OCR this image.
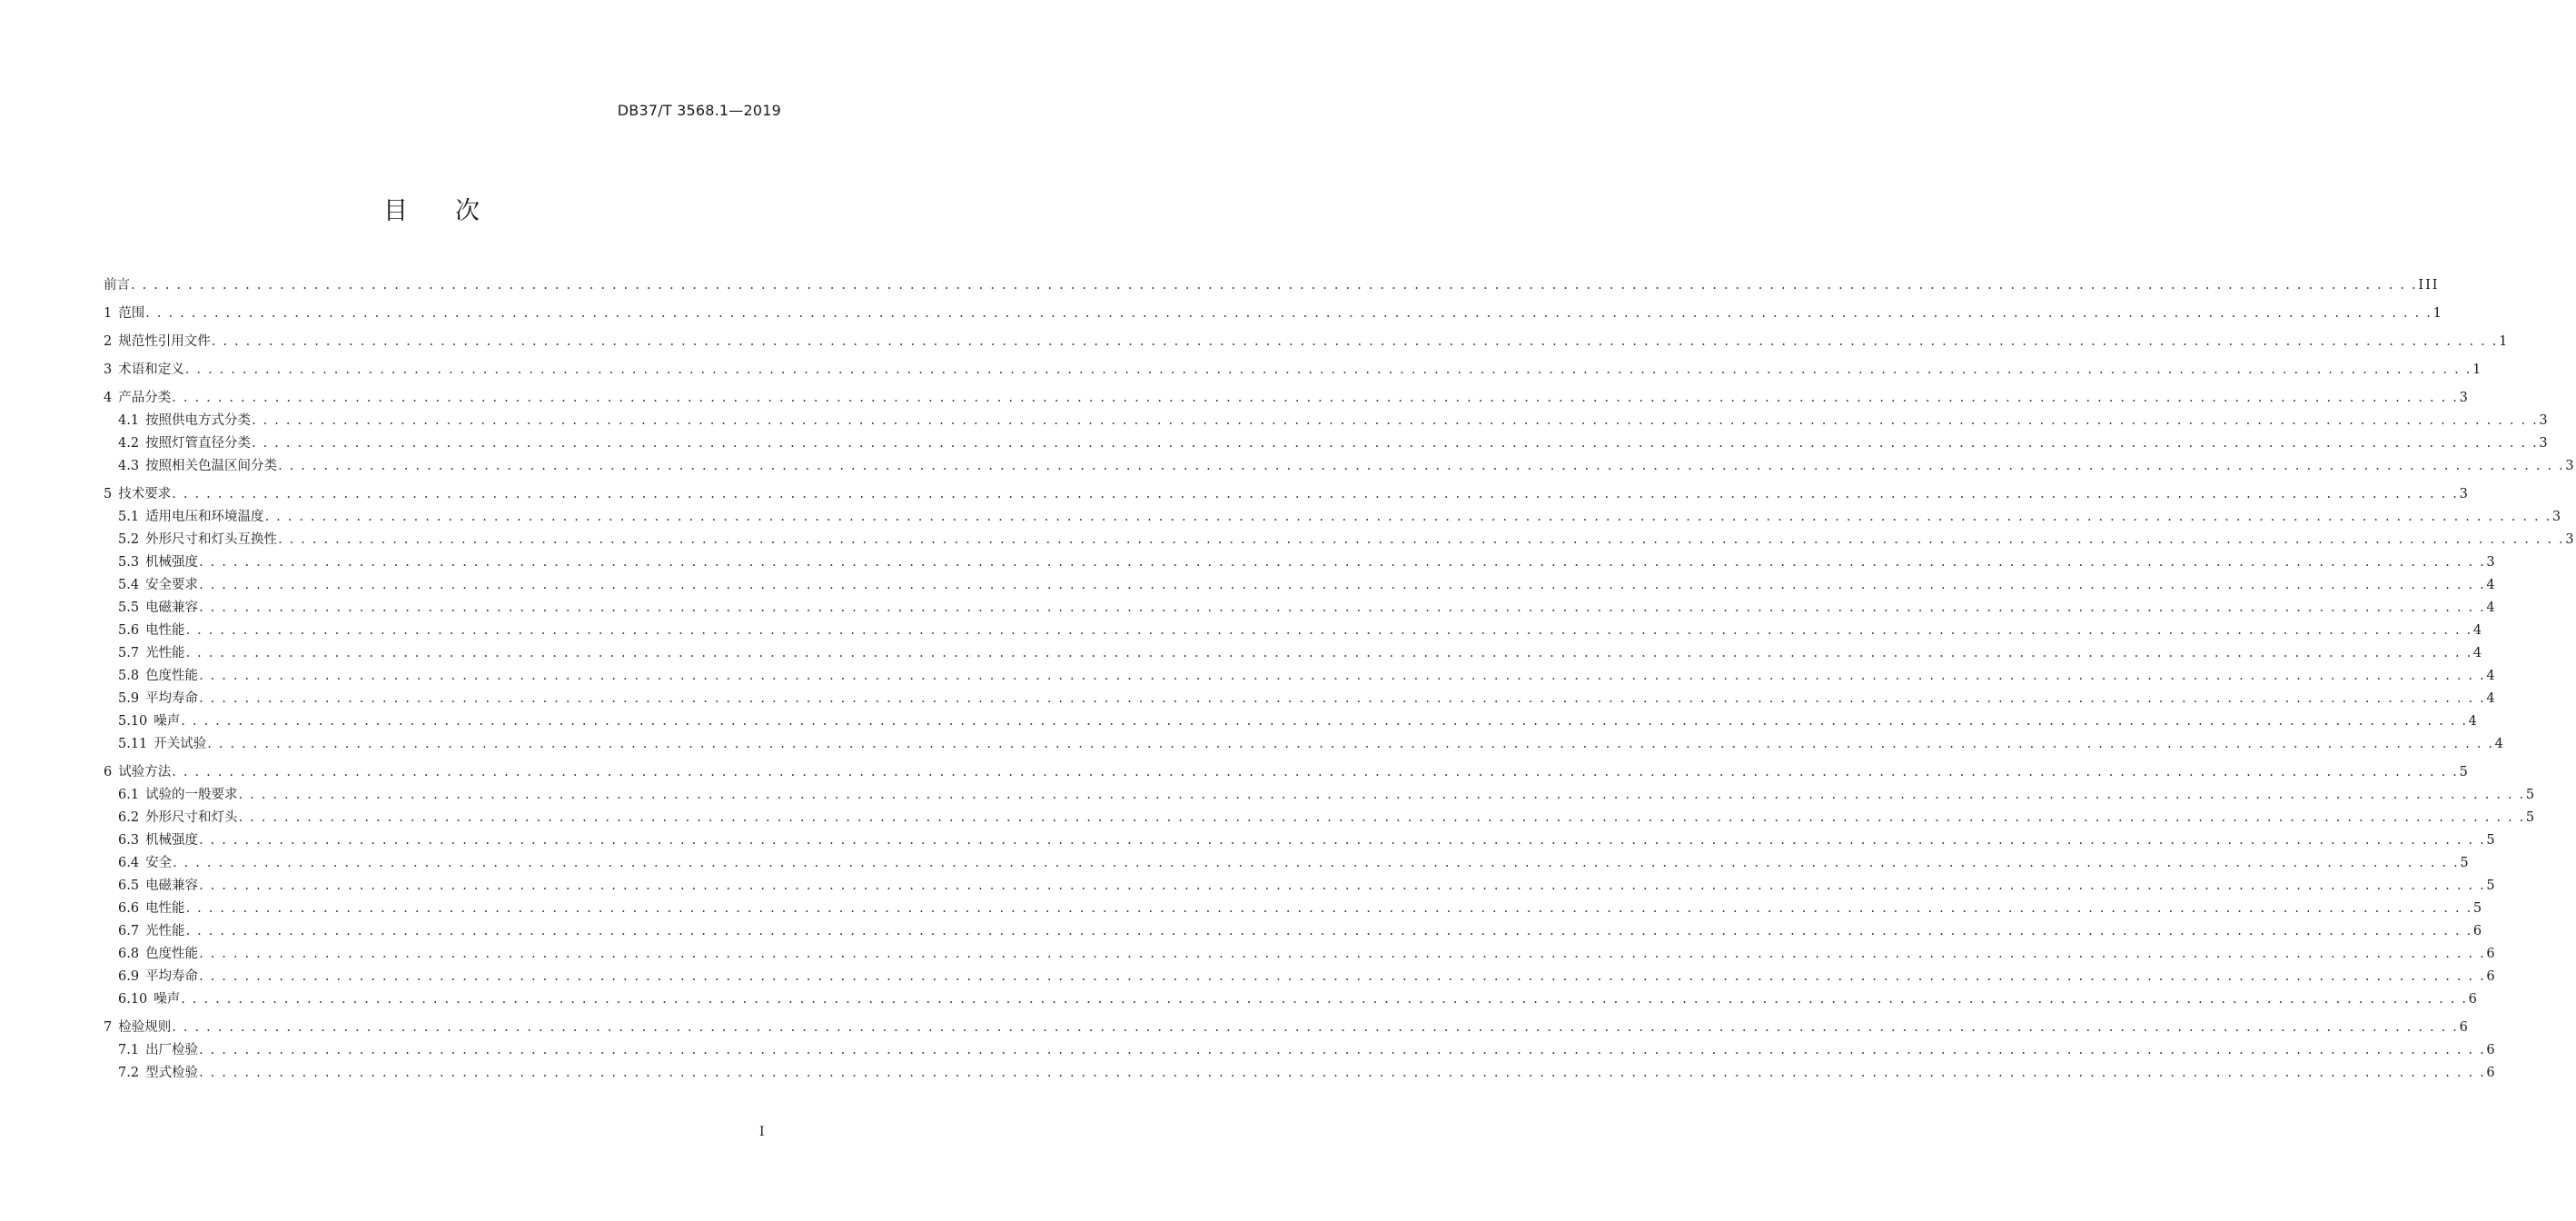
DB37/T 3568.1—2019
目 次
前言 . . . . . . . . . . . . . . . . . . . . . . . . . . . . . . . . . . . . . . . . . . . . . . . . . . . . . . . . . . . . . . . . . . . . . . . . . . . . . . . . . . . . . . . . . . . . . . . . . . . . . . . . . . . . . . . . . . . . . . . . . . . . . . . . . . . . . . . . . . . . . . . . . . . . . . . . . . . . . . . . . . . . . . . . . . . . . . . . . . . . . . . . . . . . . . . . . . . . . . . . III
1 范围 . . . . . . . . . . . . . . . . . . . . . . . . . . . . . . . . . . . . . . . . . . . . . . . . . . . . . . . . . . . . . . . . . . . . . . . . . . . . . . . . . . . . . . . . . . . . . . . . . . . . . . . . . . . . . . . . . . . . . . . . . . . . . . . . . . . . . . . . . . . . . . . . . . . . . . . . . . . . . . . . . . . . . . . . . . . . . . . . . . . . . . . . . . . . . . . . . . . . . . . . 1
2 规范性引用文件 . . . . . . . . . . . . . . . . . . . . . . . . . . . . . . . . . . . . . . . . . . . . . . . . . . . . . . . . . . . . . . . . . . . . . . . . . . . . . . . . . . . . . . . . . . . . . . . . . . . . . . . . . . . . . . . . . . . . . . . . . . . . . . . . . . . . . . . . . . . . . . . . . . . . . . . . . . . . . . . . . . . . . . . . . . . . . . . . . . . . . . . . . . . . . . . . . . . . . . . . 1
3 术语和定义 . . . . . . . . . . . . . . . . . . . . . . . . . . . . . . . . . . . . . . . . . . . . . . . . . . . . . . . . . . . . . . . . . . . . . . . . . . . . . . . . . . . . . . . . . . . . . . . . . . . . . . . . . . . . . . . . . . . . . . . . . . . . . . . . . . . . . . . . . . . . . . . . . . . . . . . . . . . . . . . . . . . . . . . . . . . . . . . . . . . . . . . . . . . . . . . . . . . . . . . . 1
4 产品分类 . . . . . . . . . . . . . . . . . . . . . . . . . . . . . . . . . . . . . . . . . . . . . . . . . . . . . . . . . . . . . . . . . . . . . . . . . . . . . . . . . . . . . . . . . . . . . . . . . . . . . . . . . . . . . . . . . . . . . . . . . . . . . . . . . . . . . . . . . . . . . . . . . . . . . . . . . . . . . . . . . . . . . . . . . . . . . . . . . . . . . . . . . . . . . . . . . . . . . . . . 3
4.1 按照供电方式分类 . . . . . . . . . . . . . . . . . . . . . . . . . . . . . . . . . . . . . . . . . . . . . . . . . . . . . . . . . . . . . . . . . . . . . . . . . . . . . . . . . . . . . . . . . . . . . . . . . . . . . . . . . . . . . . . . . . . . . . . . . . . . . . . . . . . . . . . . . . . . . . . . . . . . . . . . . . . . . . . . . . . . . . . . . . . . . . . . . . . . . . . . . . . . . . . . . . . . . . . . 3
4.2 按照灯管直径分类 . . . . . . . . . . . . . . . . . . . . . . . . . . . . . . . . . . . . . . . . . . . . . . . . . . . . . . . . . . . . . . . . . . . . . . . . . . . . . . . . . . . . . . . . . . . . . . . . . . . . . . . . . . . . . . . . . . . . . . . . . . . . . . . . . . . . . . . . . . . . . . . . . . . . . . . . . . . . . . . . . . . . . . . . . . . . . . . . . . . . . . . . . . . . . . . . . . . . . . . . 3
4.3 按照相关色温区间分类 . . . . . . . . . . . . . . . . . . . . . . . . . . . . . . . . . . . . . . . . . . . . . . . . . . . . . . . . . . . . . . . . . . . . . . . . . . . . . . . . . . . . . . . . . . . . . . . . . . . . . . . . . . . . . . . . . . . . . . . . . . . . . . . . . . . . . . . . . . . . . . . . . . . . . . . . . . . . . . . . . . . . . . . . . . . . . . . . . . . . . . . . . . . . . . . . . . . . . . . . 3
5 技术要求 . . . . . . . . . . . . . . . . . . . . . . . . . . . . . . . . . . . . . . . . . . . . . . . . . . . . . . . . . . . . . . . . . . . . . . . . . . . . . . . . . . . . . . . . . . . . . . . . . . . . . . . . . . . . . . . . . . . . . . . . . . . . . . . . . . . . . . . . . . . . . . . . . . . . . . . . . . . . . . . . . . . . . . . . . . . . . . . . . . . . . . . . . . . . . . . . . . . . . . . . 3
5.1 适用电压和环境温度 . . . . . . . . . . . . . . . . . . . . . . . . . . . . . . . . . . . . . . . . . . . . . . . . . . . . . . . . . . . . . . . . . . . . . . . . . . . . . . . . . . . . . . . . . . . . . . . . . . . . . . . . . . . . . . . . . . . . . . . . . . . . . . . . . . . . . . . . . . . . . . . . . . . . . . . . . . . . . . . . . . . . . . . . . . . . . . . . . . . . . . . . . . . . . . . . . . . . . . . . 3
5.2 外形尺寸和灯头互换性 . . . . . . . . . . . . . . . . . . . . . . . . . . . . . . . . . . . . . . . . . . . . . . . . . . . . . . . . . . . . . . . . . . . . . . . . . . . . . . . . . . . . . . . . . . . . . . . . . . . . . . . . . . . . . . . . . . . . . . . . . . . . . . . . . . . . . . . . . . . . . . . . . . . . . . . . . . . . . . . . . . . . . . . . . . . . . . . . . . . . . . . . . . . . . . . . . . . . . . . . 3
5.3 机械强度 . . . . . . . . . . . . . . . . . . . . . . . . . . . . . . . . . . . . . . . . . . . . . . . . . . . . . . . . . . . . . . . . . . . . . . . . . . . . . . . . . . . . . . . . . . . . . . . . . . . . . . . . . . . . . . . . . . . . . . . . . . . . . . . . . . . . . . . . . . . . . . . . . . . . . . . . . . . . . . . . . . . . . . . . . . . . . . . . . . . . . . . . . . . . . . . . . . . . . . . . 3
5.4 安全要求 . . . . . . . . . . . . . . . . . . . . . . . . . . . . . . . . . . . . . . . . . . . . . . . . . . . . . . . . . . . . . . . . . . . . . . . . . . . . . . . . . . . . . . . . . . . . . . . . . . . . . . . . . . . . . . . . . . . . . . . . . . . . . . . . . . . . . . . . . . . . . . . . . . . . . . . . . . . . . . . . . . . . . . . . . . . . . . . . . . . . . . . . . . . . . . . . . . . . . . . . 4
5.5 电磁兼容 . . . . . . . . . . . . . . . . . . . . . . . . . . . . . . . . . . . . . . . . . . . . . . . . . . . . . . . . . . . . . . . . . . . . . . . . . . . . . . . . . . . . . . . . . . . . . . . . . . . . . . . . . . . . . . . . . . . . . . . . . . . . . . . . . . . . . . . . . . . . . . . . . . . . . . . . . . . . . . . . . . . . . . . . . . . . . . . . . . . . . . . . . . . . . . . . . . . . . . . . 4
5.6 电性能 . . . . . . . . . . . . . . . . . . . . . . . . . . . . . . . . . . . . . . . . . . . . . . . . . . . . . . . . . . . . . . . . . . . . . . . . . . . . . . . . . . . . . . . . . . . . . . . . . . . . . . . . . . . . . . . . . . . . . . . . . . . . . . . . . . . . . . . . . . . . . . . . . . . . . . . . . . . . . . . . . . . . . . . . . . . . . . . . . . . . . . . . . . . . . . . . . . . . . . . . 4
5.7 光性能 . . . . . . . . . . . . . . . . . . . . . . . . . . . . . . . . . . . . . . . . . . . . . . . . . . . . . . . . . . . . . . . . . . . . . . . . . . . . . . . . . . . . . . . . . . . . . . . . . . . . . . . . . . . . . . . . . . . . . . . . . . . . . . . . . . . . . . . . . . . . . . . . . . . . . . . . . . . . . . . . . . . . . . . . . . . . . . . . . . . . . . . . . . . . . . . . . . . . . . . . 4
5.8 色度性能 . . . . . . . . . . . . . . . . . . . . . . . . . . . . . . . . . . . . . . . . . . . . . . . . . . . . . . . . . . . . . . . . . . . . . . . . . . . . . . . . . . . . . . . . . . . . . . . . . . . . . . . . . . . . . . . . . . . . . . . . . . . . . . . . . . . . . . . . . . . . . . . . . . . . . . . . . . . . . . . . . . . . . . . . . . . . . . . . . . . . . . . . . . . . . . . . . . . . . . . . 4
5.9 平均寿命 . . . . . . . . . . . . . . . . . . . . . . . . . . . . . . . . . . . . . . . . . . . . . . . . . . . . . . . . . . . . . . . . . . . . . . . . . . . . . . . . . . . . . . . . . . . . . . . . . . . . . . . . . . . . . . . . . . . . . . . . . . . . . . . . . . . . . . . . . . . . . . . . . . . . . . . . . . . . . . . . . . . . . . . . . . . . . . . . . . . . . . . . . . . . . . . . . . . . . . . . 4
5.10 噪声 . . . . . . . . . . . . . . . . . . . . . . . . . . . . . . . . . . . . . . . . . . . . . . . . . . . . . . . . . . . . . . . . . . . . . . . . . . . . . . . . . . . . . . . . . . . . . . . . . . . . . . . . . . . . . . . . . . . . . . . . . . . . . . . . . . . . . . . . . . . . . . . . . . . . . . . . . . . . . . . . . . . . . . . . . . . . . . . . . . . . . . . . . . . . . . . . . . . . . . . . 4
5.11 开关试验 . . . . . . . . . . . . . . . . . . . . . . . . . . . . . . . . . . . . . . . . . . . . . . . . . . . . . . . . . . . . . . . . . . . . . . . . . . . . . . . . . . . . . . . . . . . . . . . . . . . . . . . . . . . . . . . . . . . . . . . . . . . . . . . . . . . . . . . . . . . . . . . . . . . . . . . . . . . . . . . . . . . . . . . . . . . . . . . . . . . . . . . . . . . . . . . . . . . . . . . . 4
6 试验方法 . . . . . . . . . . . . . . . . . . . . . . . . . . . . . . . . . . . . . . . . . . . . . . . . . . . . . . . . . . . . . . . . . . . . . . . . . . . . . . . . . . . . . . . . . . . . . . . . . . . . . . . . . . . . . . . . . . . . . . . . . . . . . . . . . . . . . . . . . . . . . . . . . . . . . . . . . . . . . . . . . . . . . . . . . . . . . . . . . . . . . . . . . . . . . . . . . . . . . . . . 5
6.1 试验的一般要求 . . . . . . . . . . . . . . . . . . . . . . . . . . . . . . . . . . . . . . . . . . . . . . . . . . . . . . . . . . . . . . . . . . . . . . . . . . . . . . . . . . . . . . . . . . . . . . . . . . . . . . . . . . . . . . . . . . . . . . . . . . . . . . . . . . . . . . . . . . . . . . . . . . . . . . . . . . . . . . . . . . . . . . . . . . . . . . . . . . . . . . . . . . . . . . . . . . . . . . . . 5
6.2 外形尺寸和灯头 . . . . . . . . . . . . . . . . . . . . . . . . . . . . . . . . . . . . . . . . . . . . . . . . . . . . . . . . . . . . . . . . . . . . . . . . . . . . . . . . . . . . . . . . . . . . . . . . . . . . . . . . . . . . . . . . . . . . . . . . . . . . . . . . . . . . . . . . . . . . . . . . . . . . . . . . . . . . . . . . . . . . . . . . . . . . . . . . . . . . . . . . . . . . . . . . . . . . . . . . 5
6.3 机械强度 . . . . . . . . . . . . . . . . . . . . . . . . . . . . . . . . . . . . . . . . . . . . . . . . . . . . . . . . . . . . . . . . . . . . . . . . . . . . . . . . . . . . . . . . . . . . . . . . . . . . . . . . . . . . . . . . . . . . . . . . . . . . . . . . . . . . . . . . . . . . . . . . . . . . . . . . . . . . . . . . . . . . . . . . . . . . . . . . . . . . . . . . . . . . . . . . . . . . . . . . 5
6.4 安全 . . . . . . . . . . . . . . . . . . . . . . . . . . . . . . . . . . . . . . . . . . . . . . . . . . . . . . . . . . . . . . . . . . . . . . . . . . . . . . . . . . . . . . . . . . . . . . . . . . . . . . . . . . . . . . . . . . . . . . . . . . . . . . . . . . . . . . . . . . . . . . . . . . . . . . . . . . . . . . . . . . . . . . . . . . . . . . . . . . . . . . . . . . . . . . . . . . . . . . . . 5
6.5 电磁兼容 . . . . . . . . . . . . . . . . . . . . . . . . . . . . . . . . . . . . . . . . . . . . . . . . . . . . . . . . . . . . . . . . . . . . . . . . . . . . . . . . . . . . . . . . . . . . . . . . . . . . . . . . . . . . . . . . . . . . . . . . . . . . . . . . . . . . . . . . . . . . . . . . . . . . . . . . . . . . . . . . . . . . . . . . . . . . . . . . . . . . . . . . . . . . . . . . . . . . . . . . 5
6.6 电性能 . . . . . . . . . . . . . . . . . . . . . . . . . . . . . . . . . . . . . . . . . . . . . . . . . . . . . . . . . . . . . . . . . . . . . . . . . . . . . . . . . . . . . . . . . . . . . . . . . . . . . . . . . . . . . . . . . . . . . . . . . . . . . . . . . . . . . . . . . . . . . . . . . . . . . . . . . . . . . . . . . . . . . . . . . . . . . . . . . . . . . . . . . . . . . . . . . . . . . . . . 5
6.7 光性能 . . . . . . . . . . . . . . . . . . . . . . . . . . . . . . . . . . . . . . . . . . . . . . . . . . . . . . . . . . . . . . . . . . . . . . . . . . . . . . . . . . . . . . . . . . . . . . . . . . . . . . . . . . . . . . . . . . . . . . . . . . . . . . . . . . . . . . . . . . . . . . . . . . . . . . . . . . . . . . . . . . . . . . . . . . . . . . . . . . . . . . . . . . . . . . . . . . . . . . . . 6
6.8 色度性能 . . . . . . . . . . . . . . . . . . . . . . . . . . . . . . . . . . . . . . . . . . . . . . . . . . . . . . . . . . . . . . . . . . . . . . . . . . . . . . . . . . . . . . . . . . . . . . . . . . . . . . . . . . . . . . . . . . . . . . . . . . . . . . . . . . . . . . . . . . . . . . . . . . . . . . . . . . . . . . . . . . . . . . . . . . . . . . . . . . . . . . . . . . . . . . . . . . . . . . . . 6
6.9 平均寿命 . . . . . . . . . . . . . . . . . . . . . . . . . . . . . . . . . . . . . . . . . . . . . . . . . . . . . . . . . . . . . . . . . . . . . . . . . . . . . . . . . . . . . . . . . . . . . . . . . . . . . . . . . . . . . . . . . . . . . . . . . . . . . . . . . . . . . . . . . . . . . . . . . . . . . . . . . . . . . . . . . . . . . . . . . . . . . . . . . . . . . . . . . . . . . . . . . . . . . . . . 6
6.10 噪声 . . . . . . . . . . . . . . . . . . . . . . . . . . . . . . . . . . . . . . . . . . . . . . . . . . . . . . . . . . . . . . . . . . . . . . . . . . . . . . . . . . . . . . . . . . . . . . . . . . . . . . . . . . . . . . . . . . . . . . . . . . . . . . . . . . . . . . . . . . . . . . . . . . . . . . . . . . . . . . . . . . . . . . . . . . . . . . . . . . . . . . . . . . . . . . . . . . . . . . . . 6
7 检验规则 . . . . . . . . . . . . . . . . . . . . . . . . . . . . . . . . . . . . . . . . . . . . . . . . . . . . . . . . . . . . . . . . . . . . . . . . . . . . . . . . . . . . . . . . . . . . . . . . . . . . . . . . . . . . . . . . . . . . . . . . . . . . . . . . . . . . . . . . . . . . . . . . . . . . . . . . . . . . . . . . . . . . . . . . . . . . . . . . . . . . . . . . . . . . . . . . . . . . . . . . 6
7.1 出厂检验 . . . . . . . . . . . . . . . . . . . . . . . . . . . . . . . . . . . . . . . . . . . . . . . . . . . . . . . . . . . . . . . . . . . . . . . . . . . . . . . . . . . . . . . . . . . . . . . . . . . . . . . . . . . . . . . . . . . . . . . . . . . . . . . . . . . . . . . . . . . . . . . . . . . . . . . . . . . . . . . . . . . . . . . . . . . . . . . . . . . . . . . . . . . . . . . . . . . . . . . . 6
7.2 型式检验 . . . . . . . . . . . . . . . . . . . . . . . . . . . . . . . . . . . . . . . . . . . . . . . . . . . . . . . . . . . . . . . . . . . . . . . . . . . . . . . . . . . . . . . . . . . . . . . . . . . . . . . . . . . . . . . . . . . . . . . . . . . . . . . . . . . . . . . . . . . . . . . . . . . . . . . . . . . . . . . . . . . . . . . . . . . . . . . . . . . . . . . . . . . . . . . . . . . . . . . . 6
I
